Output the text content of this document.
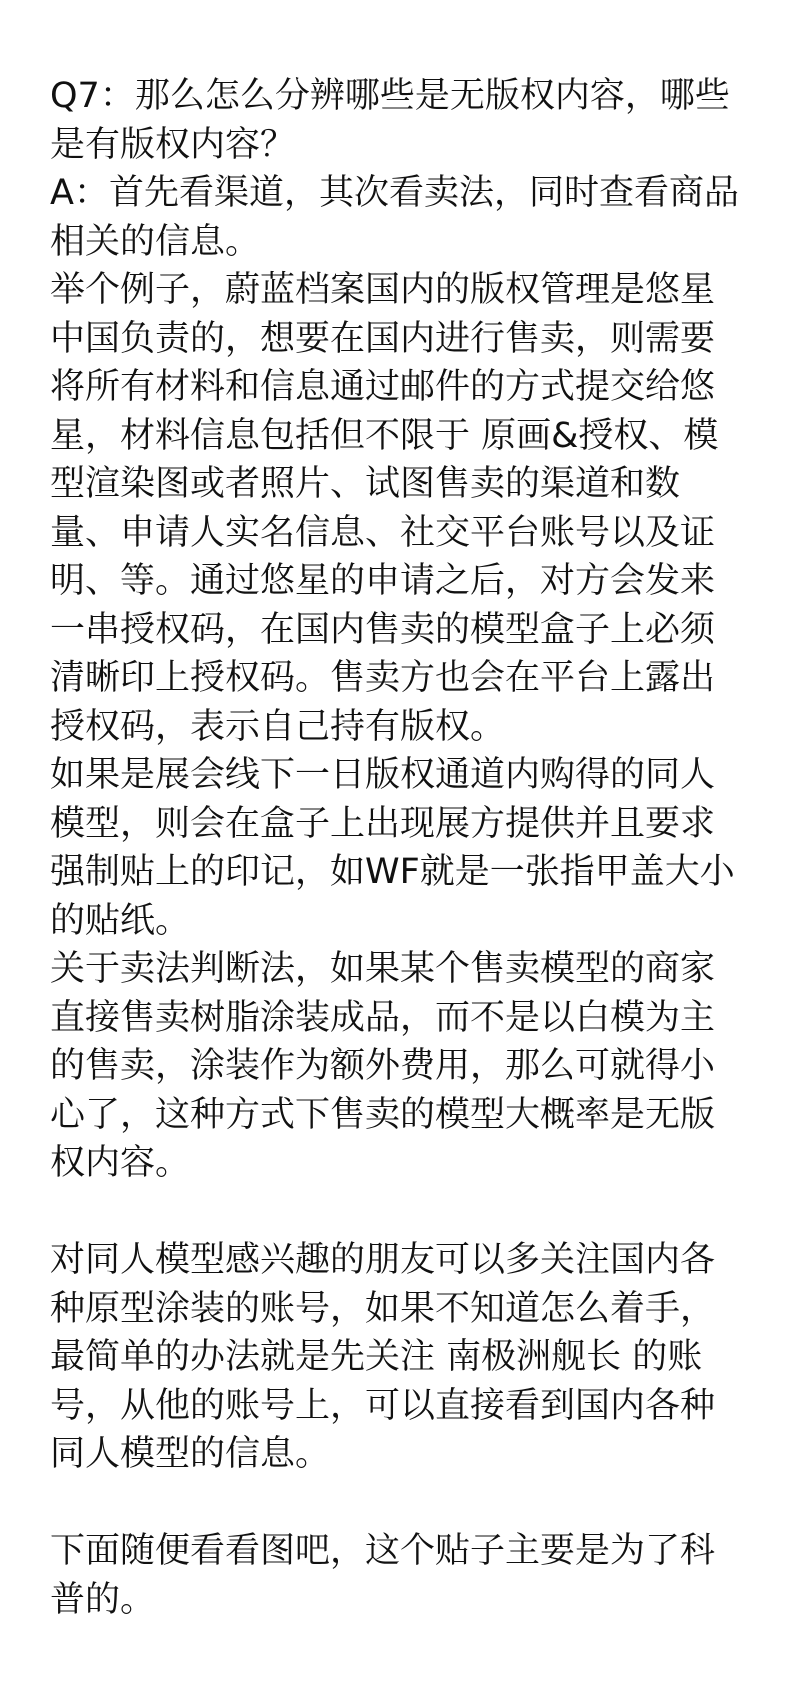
Q7：那么怎么分辨哪些是无版权内容，哪些是有版权内容？

A：首先看渠道，其次看卖法，同时查看商品相关的信息。

举个例子，蔚蓝档案国内的版权管理是悠星中国负责的，想要在国内进行售卖，则需要将所有材料和信息通过邮件的方式提交给悠星，材料信息包括但不限于 原画&授权、模型渲染图或者照片、试图售卖的渠道和数量、申请人实名信息、社交平台账号以及证明、等。通过悠星的申请之后，对方会发来一串授权码，在国内售卖的模型盒子上必须清晰印上授权码。售卖方也会在平台上露出授权码，表示自己持有版权。

如果是展会线下一日版权通道内购得的同人模型，则会在盒子上出现展方提供并且要求强制贴上的印记，如WF就是一张指甲盖大小的贴纸。

关于卖法判断法，如果某个售卖模型的商家直接售卖树脂涂装成品，而不是以白模为主的售卖，涂装作为额外费用，那么可就得小心了，这种方式下售卖的模型大概率是无版权内容。

对同人模型感兴趣的朋友可以多关注国内各种原型涂装的账号，如果不知道怎么着手，最简单的办法就是先关注 南极洲舰长 的账号，从他的账号上，可以直接看到国内各种同人模型的信息。

下面随便看看图吧，这个贴子主要是为了科普的。
